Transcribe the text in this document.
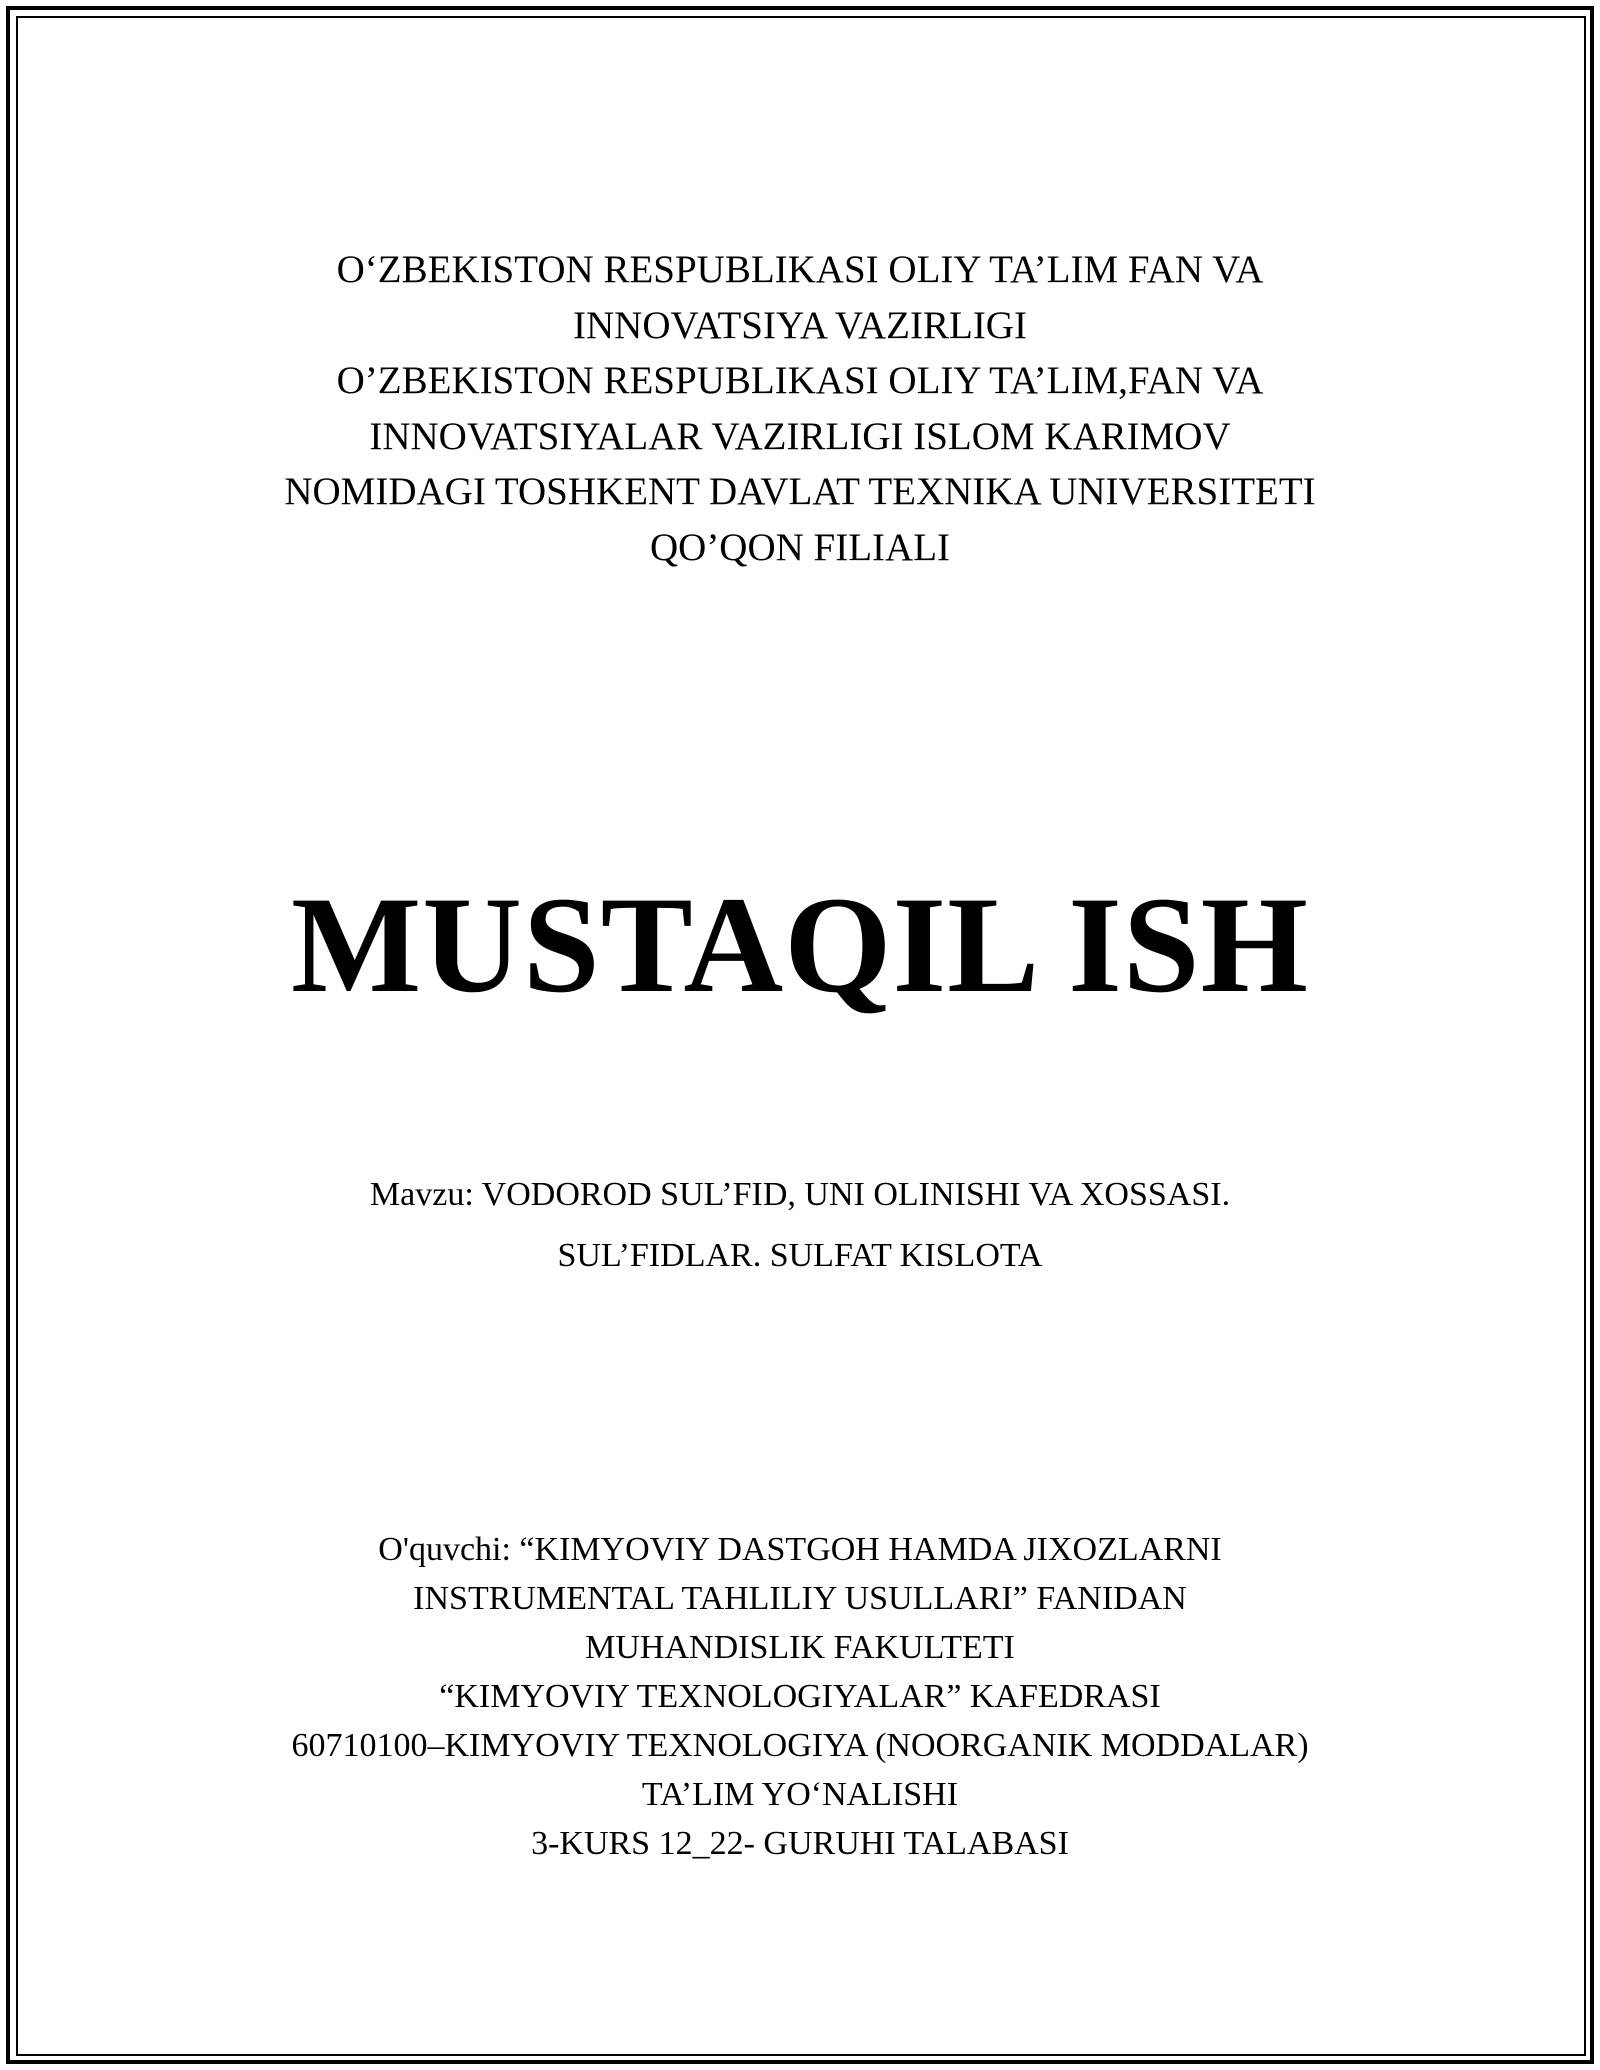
O‘ZBEKISTON RESPUBLIKASI OLIY TA’LIM FAN VA
INNOVATSIYA VAZIRLIGI
O’ZBEKISTON RESPUBLIKASI OLIY TA’LIM,FAN VA
INNOVATSIYALAR VAZIRLIGI ISLOM KARIMOV
NOMIDAGI TOSHKENT DAVLAT TEXNIKA UNIVERSITETI
QO’QON FILIALI
MUSTAQIL ISH
Mavzu: VODOROD SUL’FID, UNI OLINISHI VA XOSSASI.
SUL’FIDLAR. SULFAT KISLOTA
O'quvchi: “KIMYOVIY DASTGOH HAMDA JIXOZLARNI
INSTRUMENTAL TAHLILIY USULLARI” FANIDAN
MUHANDISLIK FAKULTETI
“KIMYOVIY TEXNOLOGIYALAR” KAFEDRASI
60710100–KIMYOVIY TEXNOLOGIYA (NOORGANIK MODDALAR)
TA’LIM YO‘NALISHI
3-KURS 12_22- GURUHI TALABASI
